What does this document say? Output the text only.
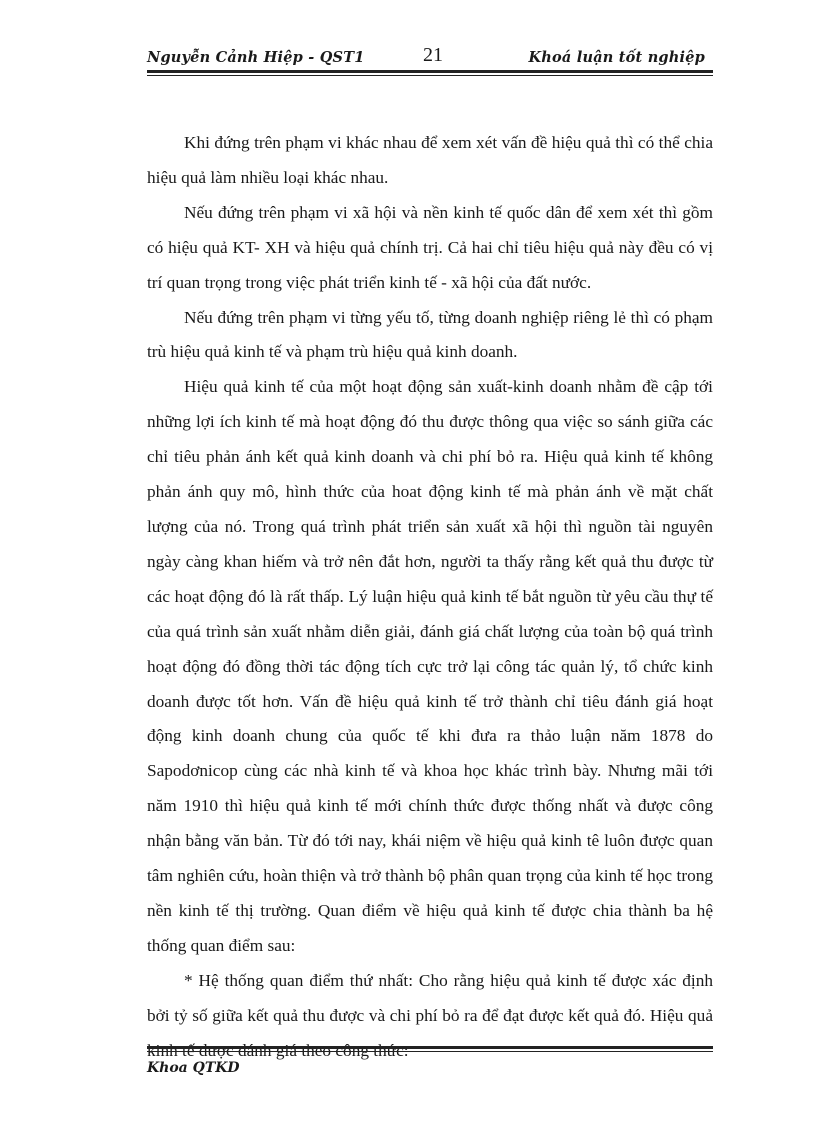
Nguyễn Cảnh Hiệp - QST1	21	Khoá luận tốt nghiệp

Khi đứng trên phạm vi khác nhau để xem xét vấn đề hiệu quả thì có thể chia hiệu quả làm nhiều loại khác nhau.

Nếu đứng trên phạm vi xã hội và nền kinh tế quốc dân để xem xét thì gồm có hiệu quả KT- XH và hiệu quả chính trị. Cả hai chỉ tiêu hiệu quả này đều có vị trí quan trọng trong việc phát triển kinh tế - xã hội của đất nước.

Nếu đứng trên phạm vi từng yếu tố, từng doanh nghiệp riêng lẻ thì có phạm trù hiệu quả kinh tế và phạm trù hiệu quả kinh doanh.

Hiệu quả kinh tế của một hoạt động sản xuất-kinh doanh nhằm đề cập tới những lợi ích kinh tế mà hoạt động đó thu được thông qua việc so sánh giữa các chỉ tiêu phản ánh kết quả kinh doanh và chi phí bỏ ra. Hiệu quả kinh tế không phản ánh quy mô, hình thức của hoat động kinh tế mà phản ánh về mặt chất lượng của nó. Trong quá trình phát triển sản xuất xã hội thì nguồn tài nguyên ngày càng khan hiếm và trở nên đắt hơn, người ta thấy rằng kết quả thu được từ các hoạt động đó là rất thấp. Lý luận hiệu quả kinh tế bắt nguồn từ yêu cầu thự tế của quá trình sản xuất nhằm diễn giải, đánh giá chất lượng của toàn bộ quá trình hoạt động đó đồng thời tác động tích cực trở lại công tác quản lý, tổ chức kinh doanh được tốt hơn. Vấn đề hiệu quả kinh tế trở thành chỉ tiêu đánh giá hoạt động kinh doanh chung của quốc tế khi đưa ra thảo luận năm 1878 do Sapodơnicop cùng các nhà kinh tế và khoa học khác trình bày. Nhưng mãi tới năm 1910 thì hiệu quả kinh tế mới chính thức được thống nhất và được công nhận bằng văn bản. Từ đó tới nay, khái niệm về hiệu quả kinh tê luôn được quan tâm nghiên cứu, hoàn thiện và trở thành bộ phân quan trọng của kinh tế học trong nền kinh tế thị trường. Quan điểm về hiệu quả kinh tế được chia thành ba hệ thống quan điểm sau:

* Hệ thống quan điểm thứ nhất: Cho rằng hiệu quả kinh tế được xác định bởi tỷ số giữa kết quả thu được và chi phí bỏ ra để đạt được kết quả đó. Hiệu quả

Khoa QTKD
